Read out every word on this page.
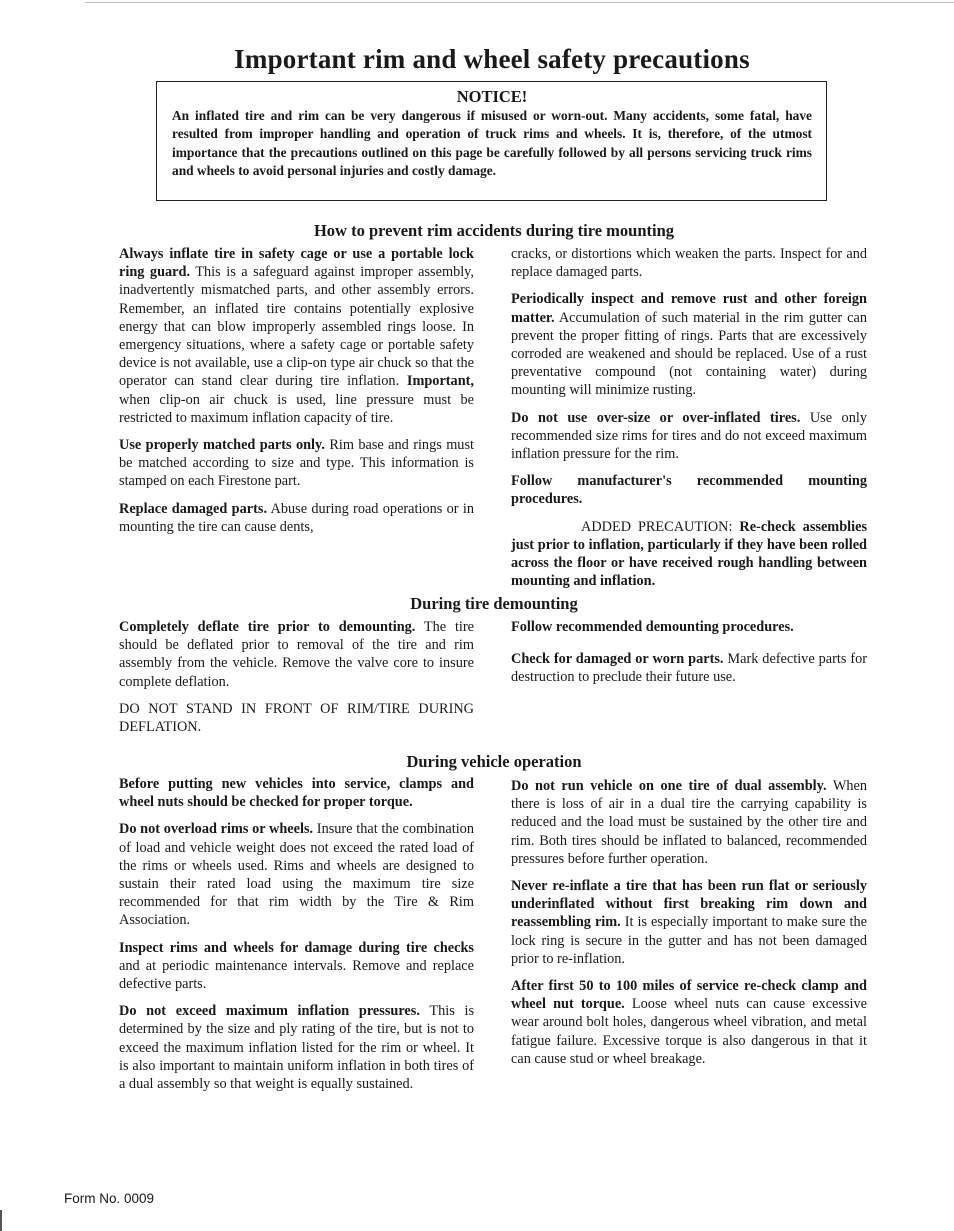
Important rim and wheel safety precautions
NOTICE!
An inflated tire and rim can be very dangerous if misused or worn-out. Many accidents, some fatal, have resulted from improper handling and operation of truck rims and wheels. It is, therefore, of the utmost importance that the precautions outlined on this page be carefully followed by all persons servicing truck rims and wheels to avoid personal injuries and costly damage.
How to prevent rim accidents during tire mounting

Always inflate tire in safety cage or use a portable lock ring guard. This is a safeguard against improper assembly, inadvertently mismatched parts, and other assembly errors. Remember, an inflated tire contains potentially explosive energy that can blow improperly assembled rings loose. In emergency situations, where a safety cage or portable safety device is not available, use a clip-on type air chuck so that the operator can stand clear during tire inflation. Important, when clip-on air chuck is used, line pressure must be restricted to maximum inflation capacity of tire.

Use properly matched parts only. Rim base and rings must be matched according to size and type. This information is stamped on each Firestone part.

Replace damaged parts. Abuse during road operations or in mounting the tire can cause dents,

cracks, or distortions which weaken the parts. Inspect for and replace damaged parts.

Periodically inspect and remove rust and other foreign matter. Accumulation of such material in the rim gutter can prevent the proper fitting of rings. Parts that are excessively corroded are weakened and should be replaced. Use of a rust preventative compound (not containing water) during mounting will minimize rusting.

Do not use over-size or over-inflated tires. Use only recommended size rims for tires and do not exceed maximum inflation pressure for the rim.

Follow manufacturer's recommended mounting procedures.

ADDED PRECAUTION: Re-check assemblies just prior to inflation, particularly if they have been rolled across the floor or have received rough handling between mounting and inflation.

During tire demounting

Completely deflate tire prior to demounting. The tire should be deflated prior to removal of the tire and rim assembly from the vehicle. Remove the valve core to insure complete deflation.

DO NOT STAND IN FRONT OF RIM/TIRE DURING DEFLATION.

Follow recommended demounting procedures.

Check for damaged or worn parts. Mark defective parts for destruction to preclude their future use.

During vehicle operation

Before putting new vehicles into service, clamps and wheel nuts should be checked for proper torque.

Do not overload rims or wheels. Insure that the combination of load and vehicle weight does not exceed the rated load of the rims or wheels used. Rims and wheels are designed to sustain their rated load using the maximum tire size recommended for that rim width by the Tire & Rim Association.

Inspect rims and wheels for damage during tire checks and at periodic maintenance intervals. Remove and replace defective parts.

Do not exceed maximum inflation pressures. This is determined by the size and ply rating of the tire, but is not to exceed the maximum inflation listed for the rim or wheel. It is also important to maintain uniform inflation in both tires of a dual assembly so that weight is equally sustained.

Do not run vehicle on one tire of dual assembly. When there is loss of air in a dual tire the carrying capability is reduced and the load must be sustained by the other tire and rim. Both tires should be inflated to balanced, recommended pressures before further operation.

Never re-inflate a tire that has been run flat or seriously underinflated without first breaking rim down and reassembling rim. It is especially important to make sure the lock ring is secure in the gutter and has not been damaged prior to re-inflation.

After first 50 to 100 miles of service re-check clamp and wheel nut torque. Loose wheel nuts can cause excessive wear around bolt holes, dangerous wheel vibration, and metal fatigue failure. Excessive torque is also dangerous in that it can cause stud or wheel breakage.

Form No. 0009
